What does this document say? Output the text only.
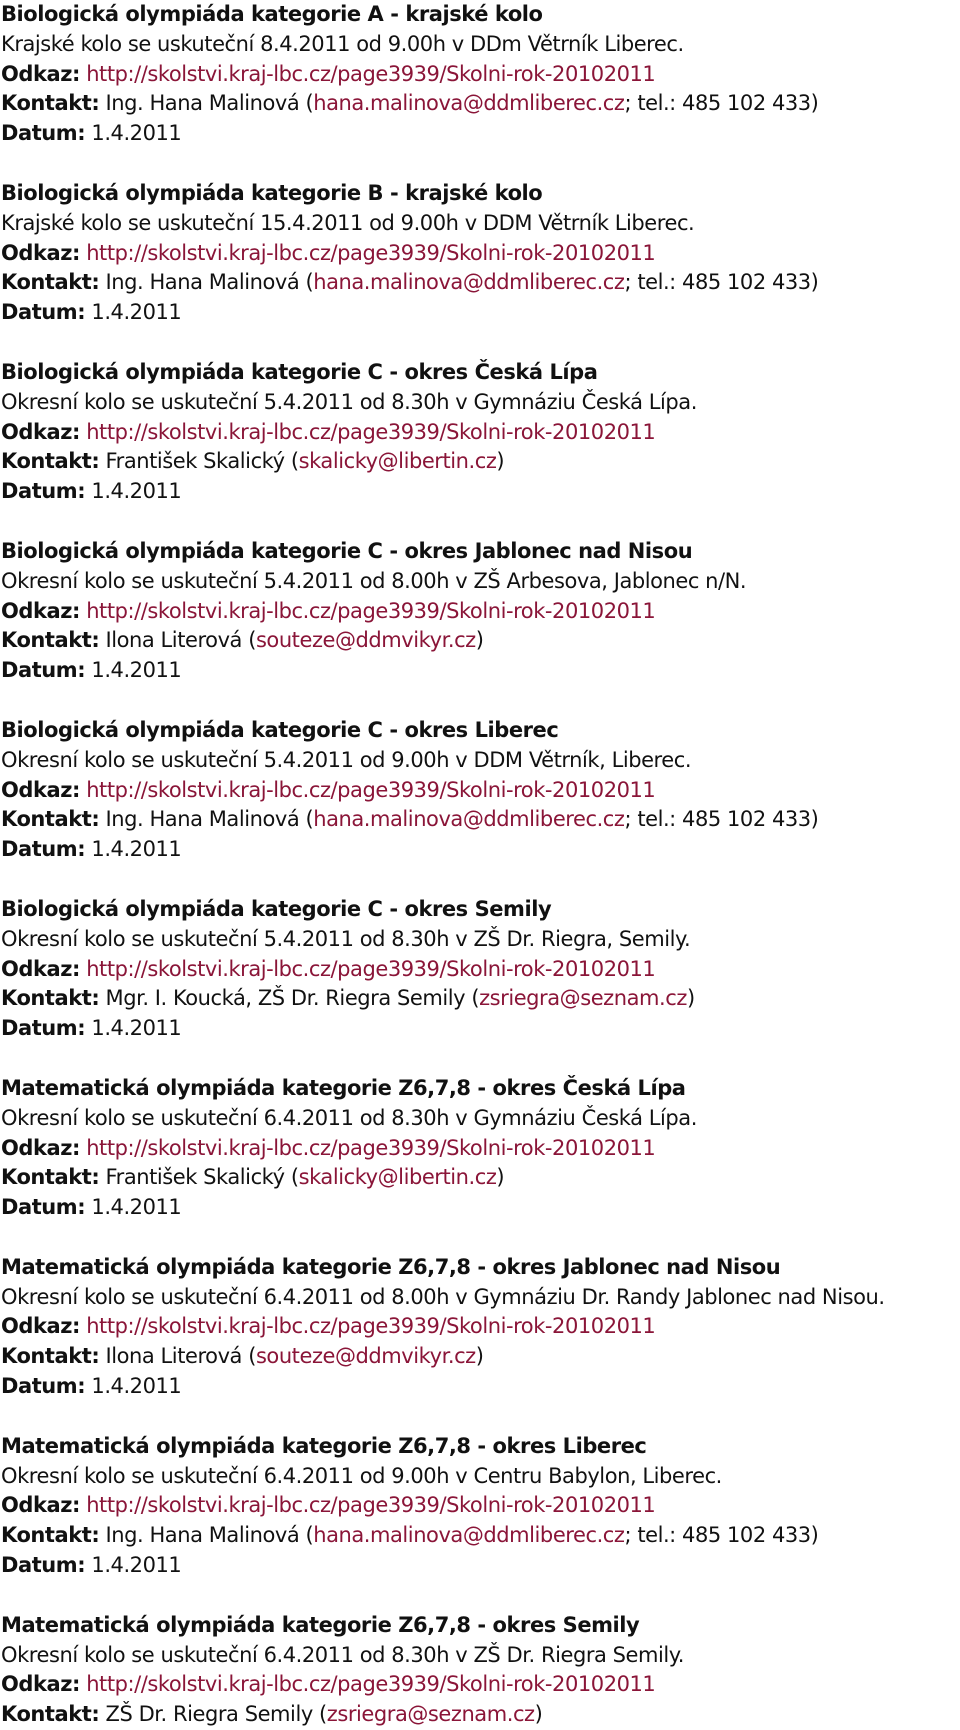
Biologická olympiáda kategorie A - krajské kolo
Krajské kolo se uskuteční 8.4.2011 od 9.00h v DDm Větrník Liberec.
Odkaz: http://skolstvi.kraj-lbc.cz/page3939/Skolni-rok-20102011
Kontakt: Ing. Hana Malinová (hana.malinova@ddmliberec.cz; tel.: 485 102 433)
Datum: 1.4.2011
Biologická olympiáda kategorie B - krajské kolo
Krajské kolo se uskuteční 15.4.2011 od 9.00h v DDM Větrník Liberec.
Odkaz: http://skolstvi.kraj-lbc.cz/page3939/Skolni-rok-20102011
Kontakt: Ing. Hana Malinová (hana.malinova@ddmliberec.cz; tel.: 485 102 433)
Datum: 1.4.2011
Biologická olympiáda kategorie C - okres Česká Lípa
Okresní kolo se uskuteční 5.4.2011 od 8.30h v Gymnáziu Česká Lípa.
Odkaz: http://skolstvi.kraj-lbc.cz/page3939/Skolni-rok-20102011
Kontakt: František Skalický (skalicky@libertin.cz)
Datum: 1.4.2011
Biologická olympiáda kategorie C - okres Jablonec nad Nisou
Okresní kolo se uskuteční 5.4.2011 od 8.00h v ZŠ Arbesova, Jablonec n/N.
Odkaz: http://skolstvi.kraj-lbc.cz/page3939/Skolni-rok-20102011
Kontakt: Ilona Literová (souteze@ddmvikyr.cz)
Datum: 1.4.2011
Biologická olympiáda kategorie C - okres Liberec
Okresní kolo se uskuteční 5.4.2011 od 9.00h v DDM Větrník, Liberec.
Odkaz: http://skolstvi.kraj-lbc.cz/page3939/Skolni-rok-20102011
Kontakt: Ing. Hana Malinová (hana.malinova@ddmliberec.cz; tel.: 485 102 433)
Datum: 1.4.2011
Biologická olympiáda kategorie C - okres Semily
Okresní kolo se uskuteční 5.4.2011 od 8.30h v ZŠ Dr. Riegra, Semily.
Odkaz: http://skolstvi.kraj-lbc.cz/page3939/Skolni-rok-20102011
Kontakt: Mgr. I. Koucká, ZŠ Dr. Riegra Semily (zsriegra@seznam.cz)
Datum: 1.4.2011
Matematická olympiáda kategorie Z6,7,8 - okres Česká Lípa
Okresní kolo se uskuteční 6.4.2011 od 8.30h v Gymnáziu Česká Lípa.
Odkaz: http://skolstvi.kraj-lbc.cz/page3939/Skolni-rok-20102011
Kontakt: František Skalický (skalicky@libertin.cz)
Datum: 1.4.2011
Matematická olympiáda kategorie Z6,7,8 - okres Jablonec nad Nisou
Okresní kolo se uskuteční 6.4.2011 od 8.00h v Gymnáziu Dr. Randy Jablonec nad Nisou.
Odkaz: http://skolstvi.kraj-lbc.cz/page3939/Skolni-rok-20102011
Kontakt: Ilona Literová (souteze@ddmvikyr.cz)
Datum: 1.4.2011
Matematická olympiáda kategorie Z6,7,8 - okres Liberec
Okresní kolo se uskuteční 6.4.2011 od 9.00h v Centru Babylon, Liberec.
Odkaz: http://skolstvi.kraj-lbc.cz/page3939/Skolni-rok-20102011
Kontakt: Ing. Hana Malinová (hana.malinova@ddmliberec.cz; tel.: 485 102 433)
Datum: 1.4.2011
Matematická olympiáda kategorie Z6,7,8 - okres Semily
Okresní kolo se uskuteční 6.4.2011 od 8.30h v ZŠ Dr. Riegra Semily.
Odkaz: http://skolstvi.kraj-lbc.cz/page3939/Skolni-rok-20102011
Kontakt: ZŠ Dr. Riegra Semily (zsriegra@seznam.cz)
